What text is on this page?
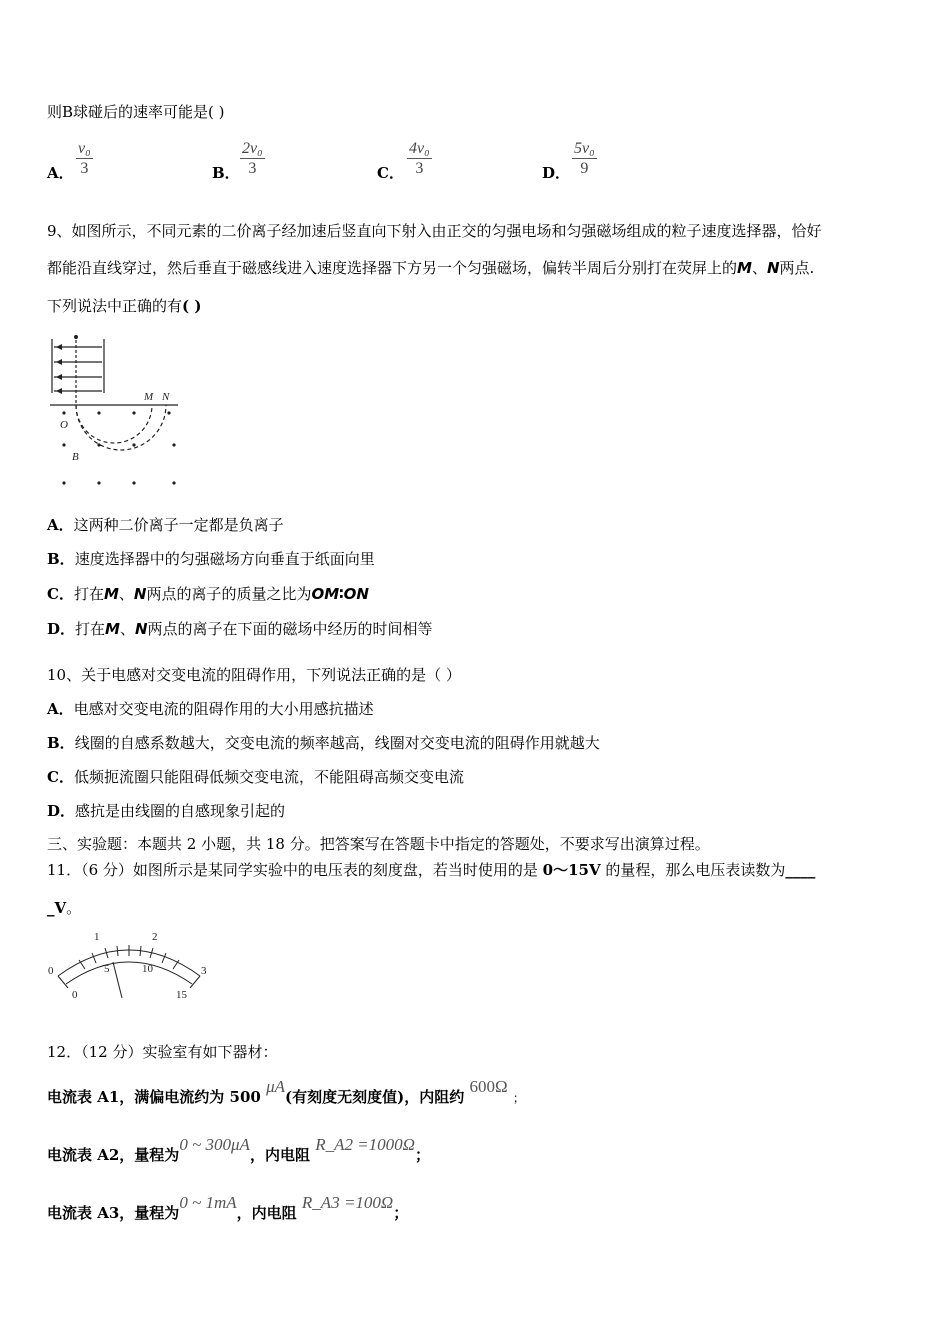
则B球碰后的速率可能是( )
A． $\frac{\text{v₀}}{3}$	B． $\frac{\text{2v₀}}{3}$	C． $\frac{\text{4v₀}}{3}$	D． $\frac{\text{5v₀}}{9}$
9、如图所示，不同元素的二价离子经加速后竖直向下射入由正交的匀强电场和匀强磁场组成的粒子速度选择器，恰好
都能沿直线穿过，然后垂直于磁感线进入速度选择器下方另一个匀强磁场，偏转半周后分别打在荧屏上的M、N两点.
下列说法中正确的有( )
M N
O
B
A．这两种二价离子一定都是负离子
B．速度选择器中的匀强磁场方向垂直于纸面向里
C．打在M、N两点的离子的质量之比为OM∶ON
D．打在M、N两点的离子在下面的磁场中经历的时间相等
10、关于电感对交变电流的阻碍作用，下列说法正确的是（ ）
A．电感对交变电流的阻碍作用的大小用感抗描述
B．线圈的自感系数越大，交变电流的频率越高，线圈对交变电流的阻碍作用就越大
C．低频扼流圈只能阻碍低频交变电流，不能阻碍高频交变电流
D．感抗是由线圈的自感现象引起的
三、实验题：本题共 2 小题，共 18 分。把答案写在答题卡中指定的答题处，不要求写出演算过程。
11．（6 分）如图所示是某同学实验中的电压表的刻度盘，若当时使用的是 0～15V 的量程，那么电压表读数为____
_V。
0
1	2
3
0
5	10
15
12．（12 分）实验室有如下器材：
电流表 A1，满偏电流约为 500 μA(有刻度无刻度值)，内阻约 600Ω ；
电流表 A2，量程为0 ~ 300μA，内电阻 R_A2 =1000Ω；
电流表 A3，量程为0 ~ 1mA，内电阻 R_A3 =100Ω；
